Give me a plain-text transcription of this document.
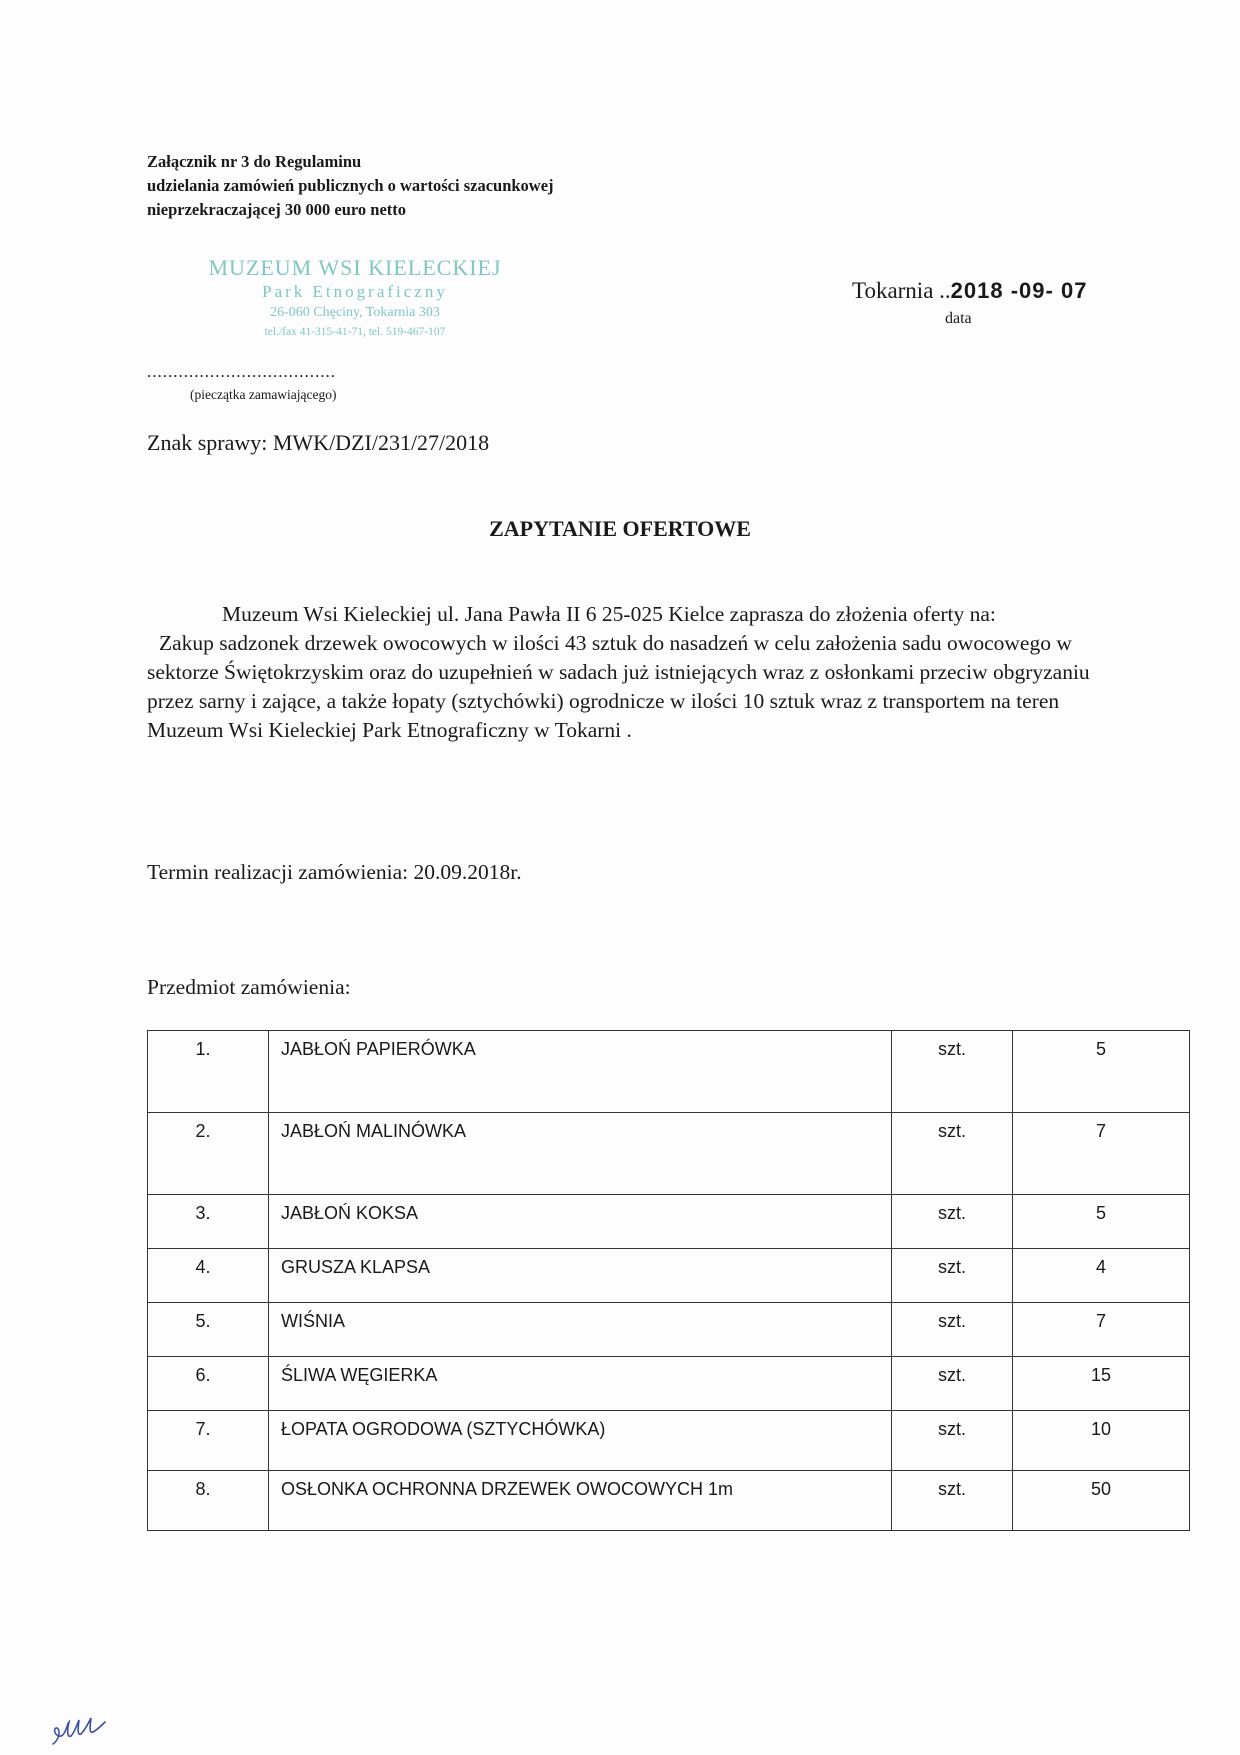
Załącznik nr 3 do Regulaminu
udzielania zamówień publicznych o wartości szacunkowej
nieprzekraczającej 30 000 euro netto
MUZEUM WSI KIELECKIEJ
Park Etnograficzny
26-060 Chęciny, Tokarnia 303
tel./fax 41-315-41-71, tel. 519-467-107
....................................
(pieczątka zamawiającego)
Tokarnia ..2018 -09- 07
data
Znak sprawy: MWK/DZI/231/27/2018
ZAPYTANIE OFERTOWE
Muzeum Wsi Kieleckiej ul. Jana Pawła II 6 25-025 Kielce zaprasza do złożenia oferty na:
Zakup sadzonek drzewek owocowych w ilości 43 sztuk do nasadzeń w celu założenia sadu owocowego w sektorze Świętokrzyskim oraz do uzupełnień w sadach już istniejących wraz z osłonkami przeciw obgryzaniu przez sarny i zające, a także łopaty (sztychówki) ogrodnicze w ilości 10 sztuk wraz z transportem na teren Muzeum Wsi Kieleckiej Park Etnograficzny w Tokarni .
Termin realizacji zamówienia: 20.09.2018r.
Przedmiot zamówienia:
1.	JABŁOŃ PAPIERÓWKA	szt.	5
2.	JABŁOŃ MALINÓWKA	szt.	7
3.	JABŁOŃ KOKSA	szt.	5
4.	GRUSZA KLAPSA	szt.	4
5.	WIŚNIA	szt.	7
6.	ŚLIWA WĘGIERKA	szt.	15
7.	ŁOPATA OGRODOWA (SZTYCHÓWKA)	szt.	10
8.	OSŁONKA OCHRONNA DRZEWEK OWOCOWYCH 1m	szt.	50
